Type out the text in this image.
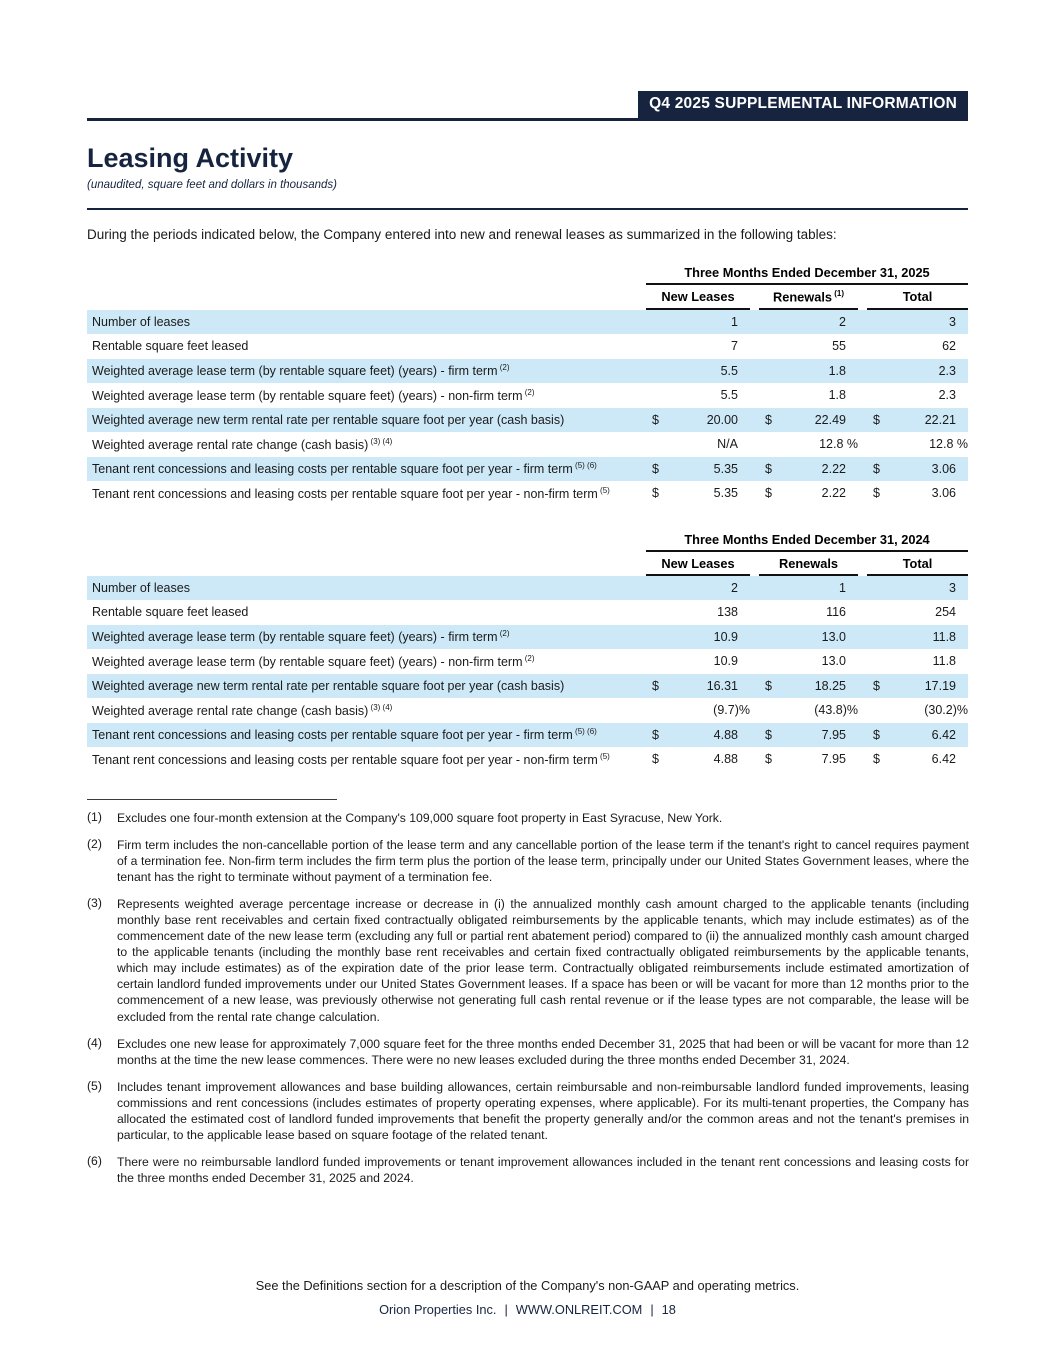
Q4 2025 SUPPLEMENTAL INFORMATION
Leasing Activity
(unaudited, square feet and dollars in thousands)

During the periods indicated below, the Company entered into new and renewal leases as summarized in the following tables:

Three Months Ended December 31, 2025
New Leases	Renewals $^{(1)}$	Total
Number of leases	1	2	3
Rentable square feet leased	7	55	62
Weighted average lease term (by rentable square feet) (years) - firm term $^{(2)}$	5.5	1.8	2.3
Weighted average lease term (by rentable square feet) (years) - non-firm term $^{(2)}$	5.5	1.8	2.3
Weighted average new term rental rate per rentable square foot per year (cash basis)	$	20.00	$	22.49	$	22.21
Weighted average rental rate change (cash basis) $^{(3) (4)}$	N/A	12.8 %	12.8 %
Tenant rent concessions and leasing costs per rentable square foot per year - firm term $^{(5) (6)}$	$	5.35	$	2.22	$	3.06
Tenant rent concessions and leasing costs per rentable square foot per year - non-firm term $^{(5)}$	$	5.35	$	2.22	$	3.06
Three Months Ended December 31, 2024
New Leases	Renewals	Total
Number of leases	2	1	3
Rentable square feet leased	138	116	254
Weighted average lease term (by rentable square feet) (years) - firm term $^{(2)}$	10.9	13.0	11.8
Weighted average lease term (by rentable square feet) (years) - non-firm term $^{(2)}$	10.9	13.0	11.8
Weighted average new term rental rate per rentable square foot per year (cash basis)	$	16.31	$	18.25	$	17.19
Weighted average rental rate change (cash basis) $^{(3) (4)}$	(9.7)%	(43.8)%	(30.2)%
Tenant rent concessions and leasing costs per rentable square foot per year - firm term $^{(5) (6)}$	$	4.88	$	7.95	$	6.42
Tenant rent concessions and leasing costs per rentable square foot per year - non-firm term $^{(5)}$	$	4.88	$	7.95	$	6.42
(1)	Excludes one four-month extension at the Company's 109,000 square foot property in East Syracuse, New York.
(2)	Firm term includes the non-cancellable portion of the lease term and any cancellable portion of the lease term if the tenant's right to cancel requires payment of a termination fee. Non-firm term includes the firm term plus the portion of the lease term, principally under our United States Government leases, where the tenant has the right to terminate without payment of a termination fee.
(3)	Represents weighted average percentage increase or decrease in (i) the annualized monthly cash amount charged to the applicable tenants (including monthly base rent receivables and certain fixed contractually obligated reimbursements by the applicable tenants, which may include estimates) as of the commencement date of the new lease term (excluding any full or partial rent abatement period) compared to (ii) the annualized monthly cash amount charged to the applicable tenants (including the monthly base rent receivables and certain fixed contractually obligated reimbursements by the applicable tenants, which may include estimates) as of the expiration date of the prior lease term. Contractually obligated reimbursements include estimated amortization of certain landlord funded improvements under our United States Government leases. If a space has been or will be vacant for more than 12 months prior to the commencement of a new lease, was previously otherwise not generating full cash rental revenue or if the lease types are not comparable, the lease will be excluded from the rental rate change calculation.
(4)	Excludes one new lease for approximately 7,000 square feet for the three months ended December 31, 2025 that had been or will be vacant for more than 12 months at the time the new lease commences. There were no new leases excluded during the three months ended December 31, 2024.
(5)	Includes tenant improvement allowances and base building allowances, certain reimbursable and non-reimbursable landlord funded improvements, leasing commissions and rent concessions (includes estimates of property operating expenses, where applicable). For its multi-tenant properties, the Company has allocated the estimated cost of landlord funded improvements that benefit the property generally and/or the common areas and not the tenant's premises in particular, to the applicable lease based on square footage of the related tenant.
(6)	There were no reimbursable landlord funded improvements or tenant improvement allowances included in the tenant rent concessions and leasing costs for the three months ended December 31, 2025 and 2024.
See the Definitions section for a description of the Company's non-GAAP and operating metrics.
Orion Properties Inc. | WWW.ONLREIT.COM | 18
